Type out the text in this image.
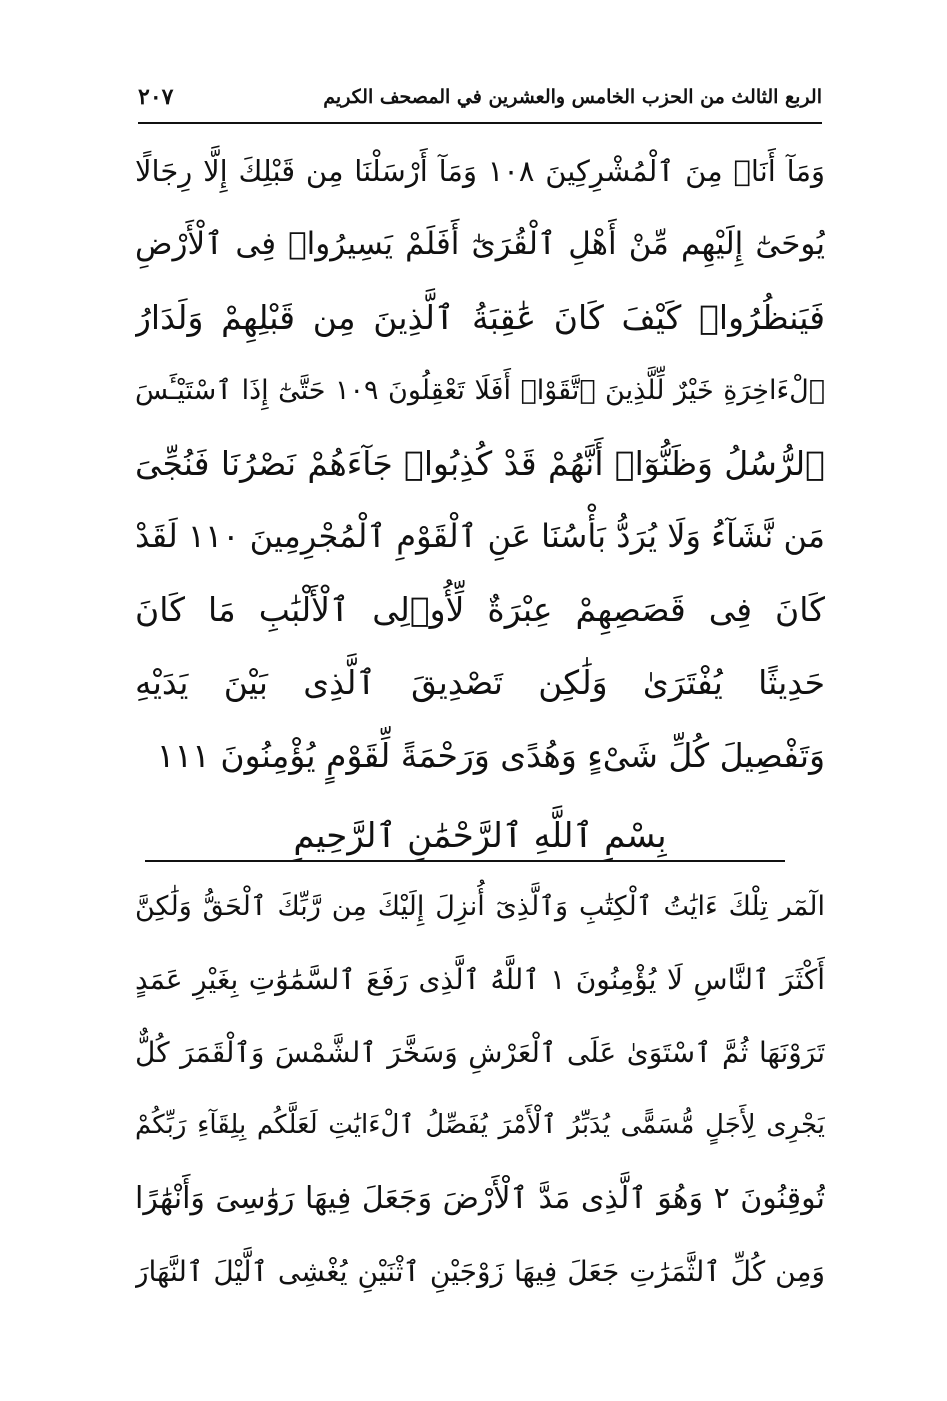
الربع الثالث من الحزب الخامس والعشرين في المصحف الكريم
٢٠٧
وَمَآ أَنَا۠ مِنَ ٱلْمُشْرِكِينَ ١٠٨ وَمَآ أَرْسَلْنَا مِن قَبْلِكَ إِلَّا رِجَالًا
يُوحَىٰٓ إِلَيْهِم مِّنْ أَهْلِ ٱلْقُرَىٰٓ أَفَلَمْ يَسِيرُوا۟ فِى ٱلْأَرْضِ
فَيَنظُرُوا۟ كَيْفَ كَانَ عَٰقِبَةُ ٱلَّذِينَ مِن قَبْلِهِمْ وَلَدَارُ
ٱلْءَاخِرَةِ خَيْرٌ لِّلَّذِينَ ٱتَّقَوْا۟ أَفَلَا تَعْقِلُونَ ١٠٩ حَتَّىٰٓ إِذَا ٱسْتَيْـَٔسَ
ٱلرُّسُلُ وَظَنُّوٓا۟ أَنَّهُمْ قَدْ كُذِبُوا۟ جَآءَهُمْ نَصْرُنَا فَنُجِّىَ
مَن نَّشَآءُ وَلَا يُرَدُّ بَأْسُنَا عَنِ ٱلْقَوْمِ ٱلْمُجْرِمِينَ ١١٠ لَقَدْ
كَانَ فِى قَصَصِهِمْ عِبْرَةٌ لِّأُو۟لِى ٱلْأَلْبَٰبِ مَا كَانَ
حَدِيثًا يُفْتَرَىٰ وَلَٰكِن تَصْدِيقَ ٱلَّذِى بَيْنَ يَدَيْهِ
وَتَفْصِيلَ كُلِّ شَىْءٍ وَهُدًى وَرَحْمَةً لِّقَوْمٍ يُؤْمِنُونَ ١١١
بِسْمِ ٱللَّهِ ٱلرَّحْمَٰنِ ٱلرَّحِيمِ
الٓمٓر تِلْكَ ءَايَٰتُ ٱلْكِتَٰبِ وَٱلَّذِىٓ أُنزِلَ إِلَيْكَ مِن رَّبِّكَ ٱلْحَقُّ وَلَٰكِنَّ
أَكْثَرَ ٱلنَّاسِ لَا يُؤْمِنُونَ ١ ٱللَّهُ ٱلَّذِى رَفَعَ ٱلسَّمَٰوَٰتِ بِغَيْرِ عَمَدٍ
تَرَوْنَهَا ثُمَّ ٱسْتَوَىٰ عَلَى ٱلْعَرْشِ وَسَخَّرَ ٱلشَّمْسَ وَٱلْقَمَرَ كُلٌّ
يَجْرِى لِأَجَلٍ مُّسَمًّى يُدَبِّرُ ٱلْأَمْرَ يُفَصِّلُ ٱلْءَايَٰتِ لَعَلَّكُم بِلِقَآءِ رَبِّكُمْ
تُوقِنُونَ ٢ وَهُوَ ٱلَّذِى مَدَّ ٱلْأَرْضَ وَجَعَلَ فِيهَا رَوَٰسِىَ وَأَنْهَٰرًا
وَمِن كُلِّ ٱلثَّمَرَٰتِ جَعَلَ فِيهَا زَوْجَيْنِ ٱثْنَيْنِ يُغْشِى ٱلَّيْلَ ٱلنَّهَارَ
